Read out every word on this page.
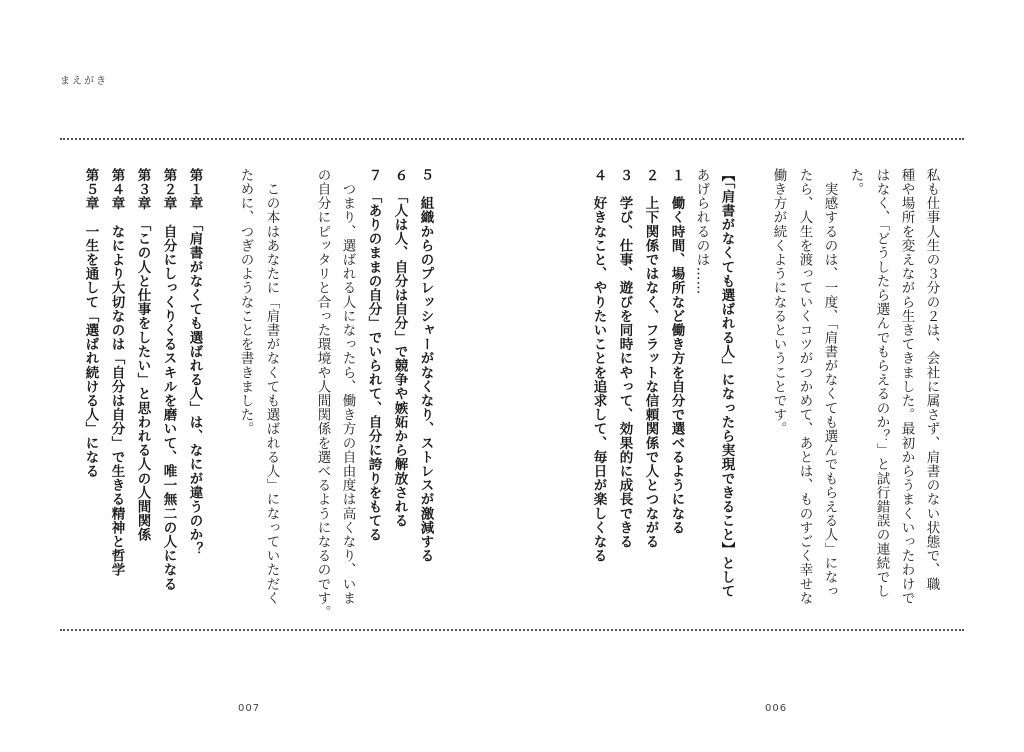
まえがき
私も仕事人生の３分の２は、会社に属さず、肩書のない状態で、職
種や場所を変えながら生きてきました。最初からうまくいったわけで
はなく、「どうしたら選んでもらえるのか？」と試行錯誤の連続でし
た。
　実感するのは、一度、「肩書がなくても選んでもらえる人」になっ
たら、人生を渡っていくコツがつかめて、あとは、ものすごく幸せな
働き方が続くようになるということです。
【「肩書がなくても選ばれる人」になったら実現できること】として
あげられるのは……
１　働く時間、場所など働き方を自分で選べるようになる
２　上下関係ではなく、フラットな信頼関係で人とつながる
３　学び、仕事、遊びを同時にやって、効果的に成長できる
４　好きなこと、やりたいことを追求して、毎日が楽しくなる
５　組織からのプレッシャーがなくなり、ストレスが激減する
６　「人は人、自分は自分」で競争や嫉妬から解放される
７　「ありのままの自分」でいられて、自分に誇りをもてる
　つまり、選ばれる人になったら、働き方の自由度は高くなり、いま
の自分にピッタリと合った環境や人間関係を選べるようになるのです。
　この本はあなたに「肩書がなくても選ばれる人」になっていただく
ために、つぎのようなことを書きました。
第１章　「肩書がなくても選ばれる人」は、なにが違うのか？
第２章　自分にしっくりくるスキルを磨いて、唯一無二の人になる
第３章　「この人と仕事をしたい」と思われる人の人間関係
第４章　なにより大切なのは「自分は自分」で生きる精神と哲学
第５章　一生を通して「選ばれ続ける人」になる
007	006
